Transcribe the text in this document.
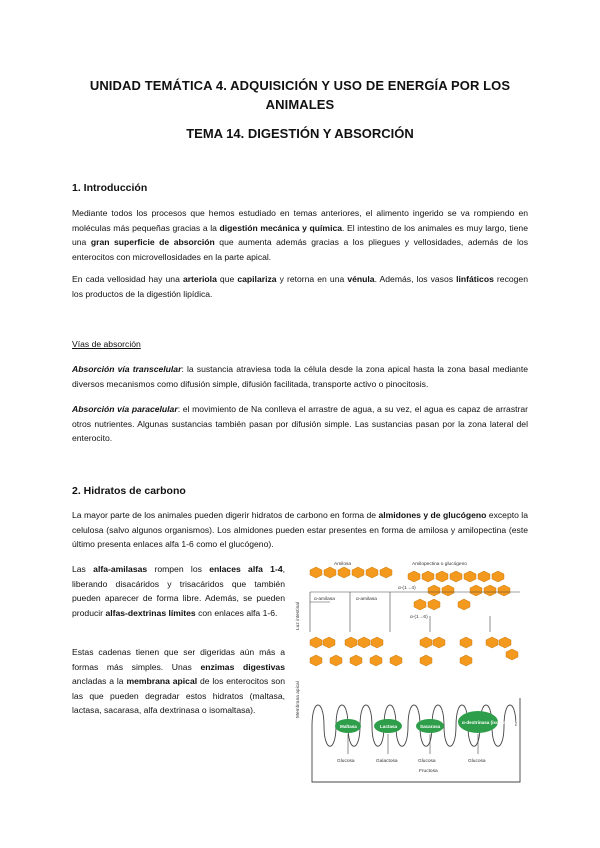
UNIDAD TEMÁTICA 4. ADQUISICIÓN Y USO DE ENERGÍA POR LOS ANIMALES
TEMA 14. DIGESTIÓN Y ABSORCIÓN
1. Introducción

Mediante todos los procesos que hemos estudiado en temas anteriores, el alimento ingerido se va rompiendo en moléculas más pequeñas gracias a la digestión mecánica y química. El intestino de los animales es muy largo, tiene una gran superficie de absorción que aumenta además gracias a los pliegues y vellosidades, además de los enterocitos con microvellosidades en la parte apical.

En cada vellosidad hay una arteriola que capilariza y retorna en una vénula. Además, los vasos linfáticos recogen los productos de la digestión lipídica.

Vías de absorción

Absorción vía transcelular: la sustancia atraviesa toda la célula desde la zona apical hasta la zona basal mediante diversos mecanismos como difusión simple, difusión facilitada, transporte activo o pinocitosis.

Absorción vía paracelular: el movimiento de Na conlleva el arrastre de agua, a su vez, el agua es capaz de arrastrar otros nutrientes. Algunas sustancias también pasan por difusión simple. Las sustancias pasan por la zona lateral del enterocito.

2. Hidratos de carbono

La mayor parte de los animales pueden digerir hidratos de carbono en forma de almidones y de glucógeno excepto la celulosa (salvo algunos organismos). Los almidones pueden estar presentes en forma de amilosa y amilopectina (este último presenta enlaces alfa 1-6 como el glucógeno).

Las alfa-amilasas rompen los enlaces alfa 1-4, liberando disacáridos y trisacáridos que también pueden aparecer de forma libre. Además, se pueden producir alfas-dextrinas límites con enlaces alfa 1-6.

Estas cadenas tienen que ser digeridas aún más a formas más simples. Unas enzimas digestivas ancladas a la membrana apical de los enterocitos son las que pueden degradar estos hidratos (maltasa, lactasa, sacarasa, alfa dextrinasa o isomaltasa).

Amilosa	Amilopectina o glucógeno
Luz intestinal
Membrana apical
α-(1→4)
α-(1→6)
α-amilasa	α-amilasa
Maltasa	Lactasa	Sacarasa
α-dextrinasa (isomaltasa)
Glucosa	Galactosa	Glucosa
Fructosa
Glucosa
